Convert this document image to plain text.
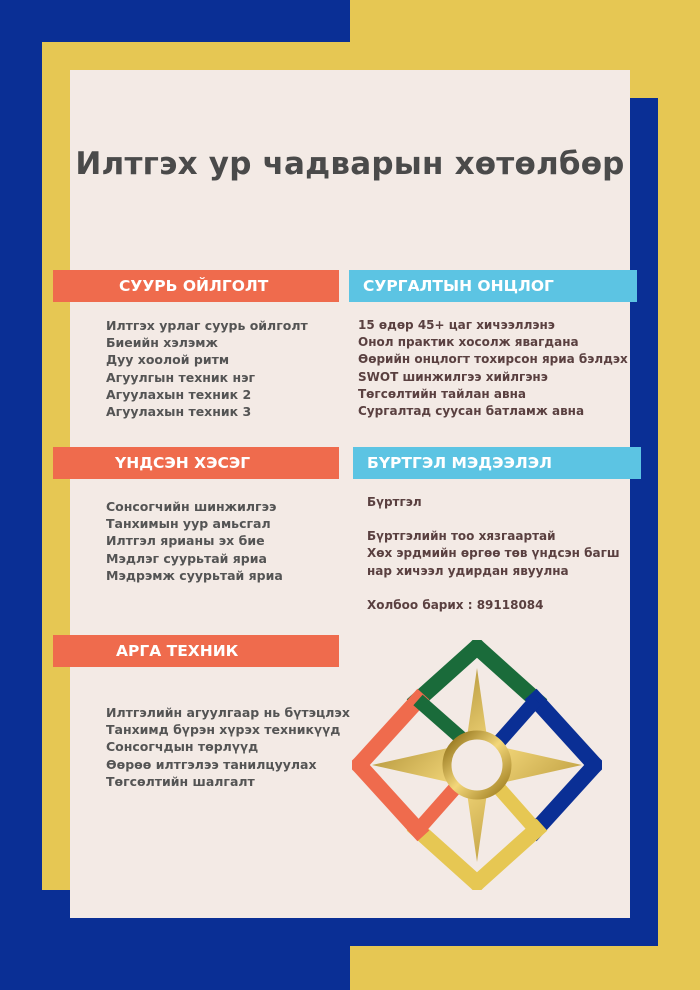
Илтгэх ур чадварын хөтөлбөр
СУУРЬ ОЙЛГОЛТ
Илтгэх урлаг суурь ойлголт
Биеийн хэлэмж
Дуу хоолой ритм
Агуулгын техник нэг
Агуулахын техник 2
Агуулахын техник 3
СУРГАЛТЫН ОНЦЛОГ
15 өдөр 45+ цаг хичээллэнэ
Онол практик хосолж явагдана
Өөрийн онцлогт тохирсон яриа бэлдэх
SWOT шинжилгээ хийлгэнэ
Төгсөлтийн тайлан авна
Сургалтад суусан батламж авна
ҮНДСЭН ХЭСЭГ
Сонсогчийн шинжилгээ
Танхимын уур амьсгал
Илтгэл ярианы эх бие
Мэдлэг суурьтай яриа
Мэдрэмж суурьтай яриа
БҮРТГЭЛ МЭДЭЭЛЭЛ
Бүртгэл
Бүртгэлийн тоо хязгаартай
Хөх эрдмийн өргөө төв үндсэн багш
нар хичээл удирдан явуулна
Холбоо барих : 89118084
АРГА ТЕХНИК
Илтгэлийн агуулгаар нь бүтэцлэх
Танхимд бүрэн хүрэх техникүүд
Сонсогчдын төрлүүд
Өөрөө илтгэлээ танилцуулах
Төгсөлтийн шалгалт
